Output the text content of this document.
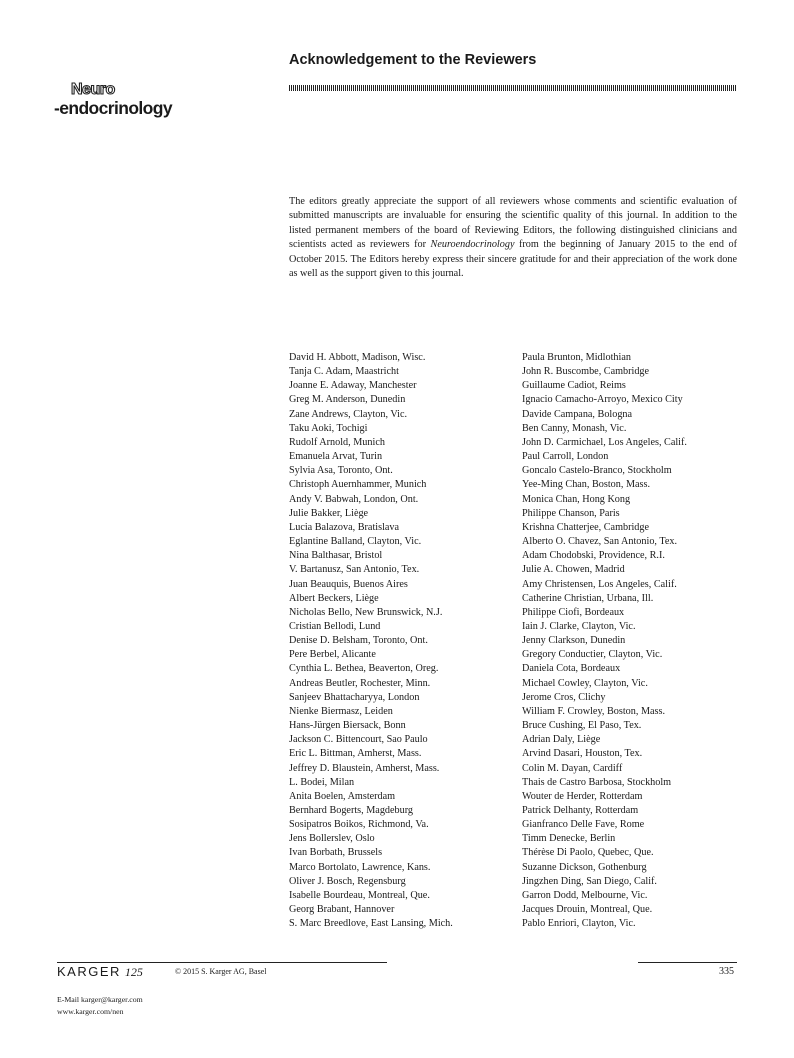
Acknowledgement to the Reviewers
Neuro
-endocrinology

The editors greatly appreciate the support of all reviewers whose comments and scientific evaluation of submitted manuscripts are invaluable for ensuring the scientific quality of this journal. In addition to the listed permanent members of the board of Reviewing Editors, the following distinguished clinicians and scientists acted as reviewers for Neuroendocrinology from the beginning of January 2015 to the end of October 2015. The Editors hereby express their sincere gratitude for and their appreciation of the work done as well as the support given to this journal.

David H. Abbott, Madison, Wisc.
Tanja C. Adam, Maastricht
Joanne E. Adaway, Manchester
Greg M. Anderson, Dunedin
Zane Andrews, Clayton, Vic.
Taku Aoki, Tochigi
Rudolf Arnold, Munich
Emanuela Arvat, Turin
Sylvia Asa, Toronto, Ont.
Christoph Auernhammer, Munich
Andy V. Babwah, London, Ont.
Julie Bakker, Liège
Lucia Balazova, Bratislava
Eglantine Balland, Clayton, Vic.
Nina Balthasar, Bristol
V. Bartanusz, San Antonio, Tex.
Juan Beauquis, Buenos Aires
Albert Beckers, Liège
Nicholas Bello, New Brunswick, N.J.
Cristian Bellodi, Lund
Denise D. Belsham, Toronto, Ont.
Pere Berbel, Alicante
Cynthia L. Bethea, Beaverton, Oreg.
Andreas Beutler, Rochester, Minn.
Sanjeev Bhattacharyya, London
Nienke Biermasz, Leiden
Hans-Jürgen Biersack, Bonn
Jackson C. Bittencourt, Sao Paulo
Eric L. Bittman, Amherst, Mass.
Jeffrey D. Blaustein, Amherst, Mass.
L. Bodei, Milan
Anita Boelen, Amsterdam
Bernhard Bogerts, Magdeburg
Sosipatros Boikos, Richmond, Va.
Jens Bollerslev, Oslo
Ivan Borbath, Brussels
Marco Bortolato, Lawrence, Kans.
Oliver J. Bosch, Regensburg
Isabelle Bourdeau, Montreal, Que.
Georg Brabant, Hannover
S. Marc Breedlove, East Lansing, Mich.
Paula Brunton, Midlothian
John R. Buscombe, Cambridge
Guillaume Cadiot, Reims
Ignacio Camacho-Arroyo, Mexico City
Davide Campana, Bologna
Ben Canny, Monash, Vic.
John D. Carmichael, Los Angeles, Calif.
Paul Carroll, London
Goncalo Castelo-Branco, Stockholm
Yee-Ming Chan, Boston, Mass.
Monica Chan, Hong Kong
Philippe Chanson, Paris
Krishna Chatterjee, Cambridge
Alberto O. Chavez, San Antonio, Tex.
Adam Chodobski, Providence, R.I.
Julie A. Chowen, Madrid
Amy Christensen, Los Angeles, Calif.
Catherine Christian, Urbana, Ill.
Philippe Ciofi, Bordeaux
Iain J. Clarke, Clayton, Vic.
Jenny Clarkson, Dunedin
Gregory Conductier, Clayton, Vic.
Daniela Cota, Bordeaux
Michael Cowley, Clayton, Vic.
Jerome Cros, Clichy
William F. Crowley, Boston, Mass.
Bruce Cushing, El Paso, Tex.
Adrian Daly, Liège
Arvind Dasari, Houston, Tex.
Colin M. Dayan, Cardiff
Thais de Castro Barbosa, Stockholm
Wouter de Herder, Rotterdam
Patrick Delhanty, Rotterdam
Gianfranco Delle Fave, Rome
Timm Denecke, Berlin
Thérèse Di Paolo, Quebec, Que.
Suzanne Dickson, Gothenburg
Jingzhen Ding, San Diego, Calif.
Garron Dodd, Melbourne, Vic.
Jacques Drouin, Montreal, Que.
Pablo Enriori, Clayton, Vic.
KARGER 125	© 2015 S. Karger AG, Basel	335
E-Mail karger@karger.com
www.karger.com/nen
